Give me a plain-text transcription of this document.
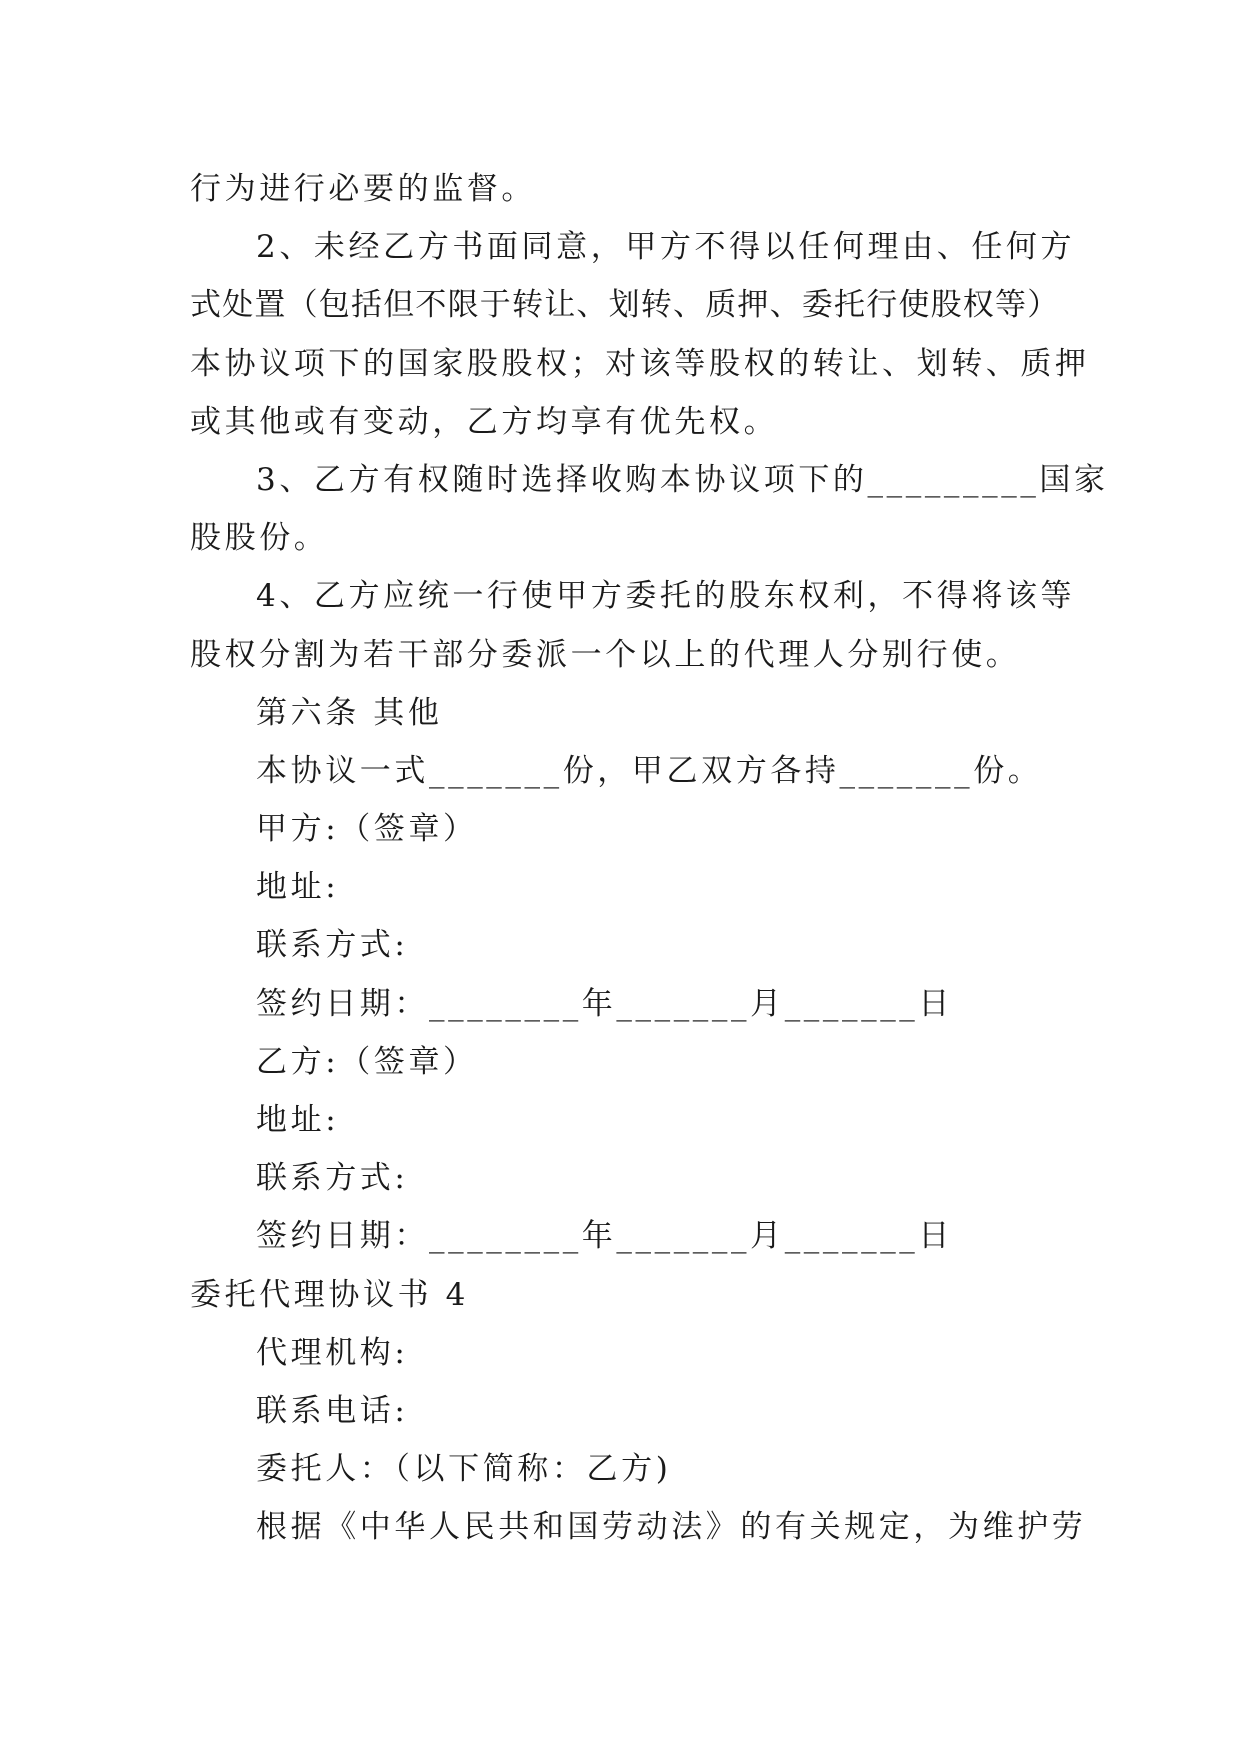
行为进行必要的监督。
2、未经乙方书面同意，甲方不得以任何理由、任何方
式处置（包括但不限于转让、划转、质押、委托行使股权等）
本协议项下的国家股股权；对该等股权的转让、划转、质押
或其他或有变动，乙方均享有优先权。
3、乙方有权随时选择收购本协议项下的_________国家
股股份。
4、乙方应统一行使甲方委托的股东权利，不得将该等
股权分割为若干部分委派一个以上的代理人分别行使。
第六条 其他
本协议一式_______份，甲乙双方各持_______份。
甲方:（签章）
地址:
联系方式:
签约日期：________年_______月_______日
乙方:（签章）
地址:
联系方式:
签约日期：________年_______月_______日
委托代理协议书 4
代理机构:
联系电话:
委托人：（以下简称：乙方)
根据《中华人民共和国劳动法》的有关规定，为维护劳
